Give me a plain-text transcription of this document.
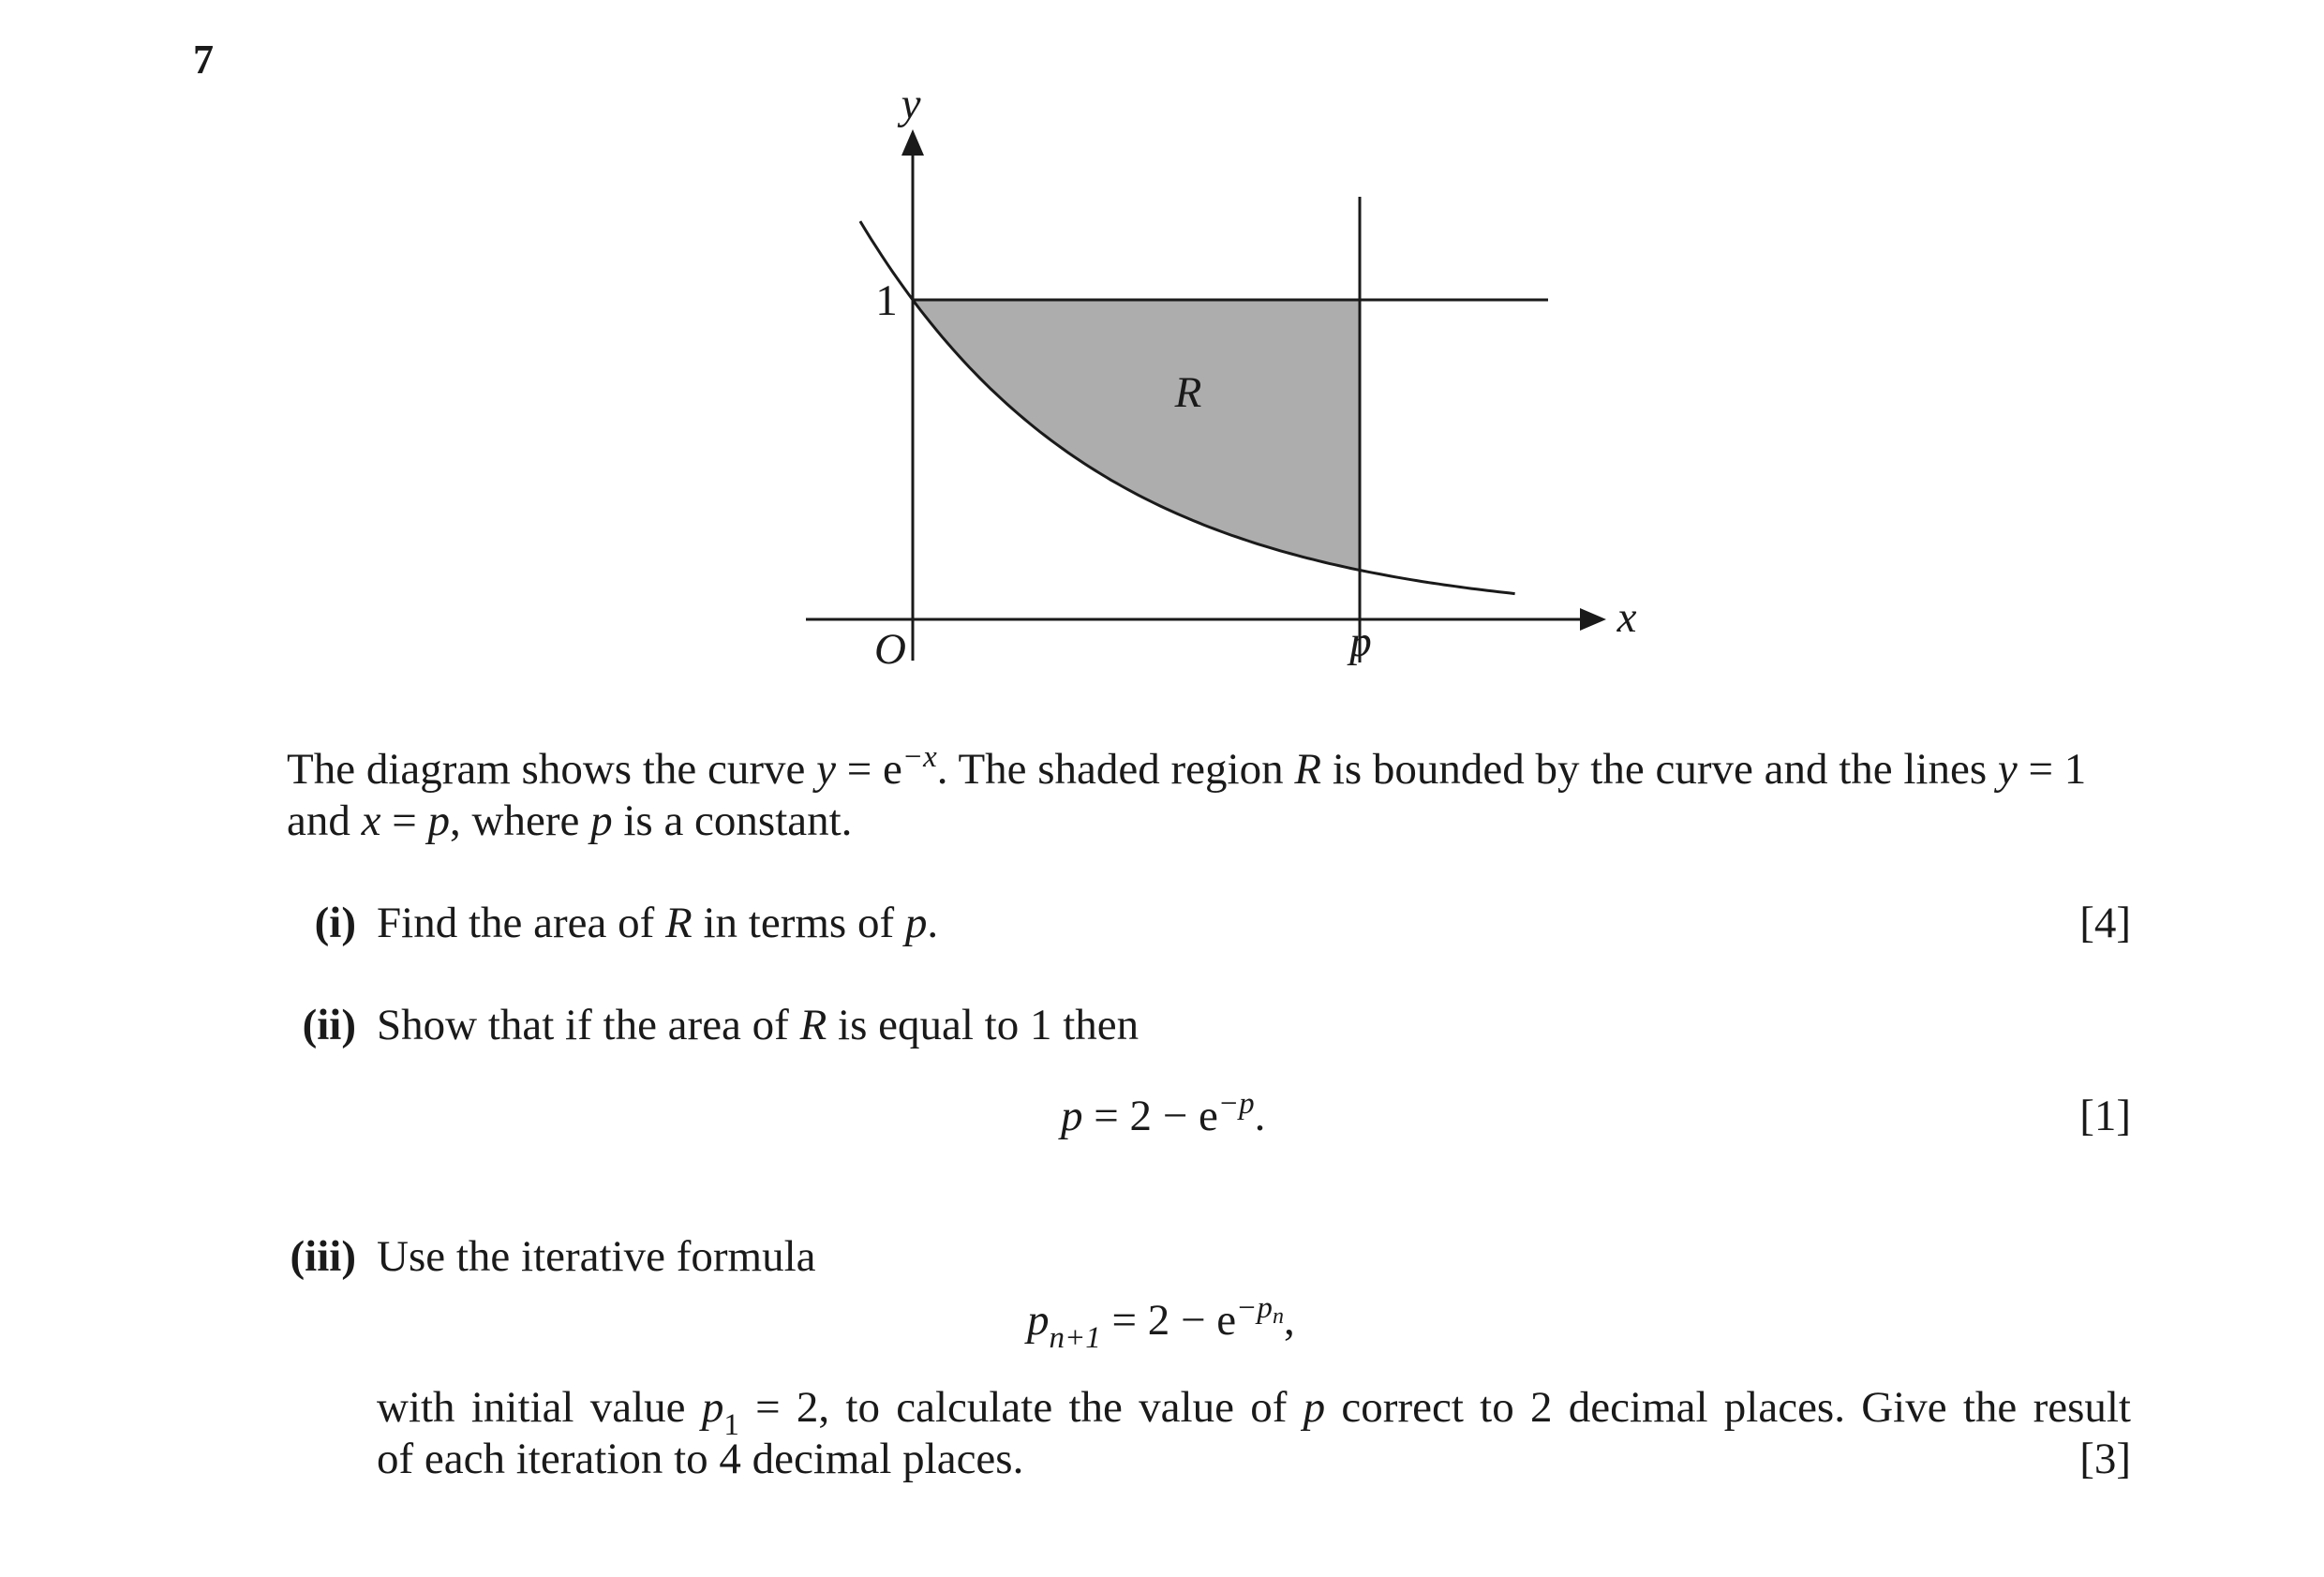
7
y
x
O
1
p
R
The diagram shows the curve $y = e^{-x}$. The shaded region R is bounded by the curve and the lines y = 1
and x = p, where p is a constant.
(i) Find the area of R in terms of p.	[4]
(ii) Show that if the area of R is equal to 1 then
$p = 2 - e^{-p}$.	[1]
(iii) Use the iterative formula
$p_{n+1} = 2 - e^{-p_n}$,
with initial value $p_1 = 2$, to calculate the value of p correct to 2 decimal places. Give the result
of each iteration to 4 decimal places.	[3]
